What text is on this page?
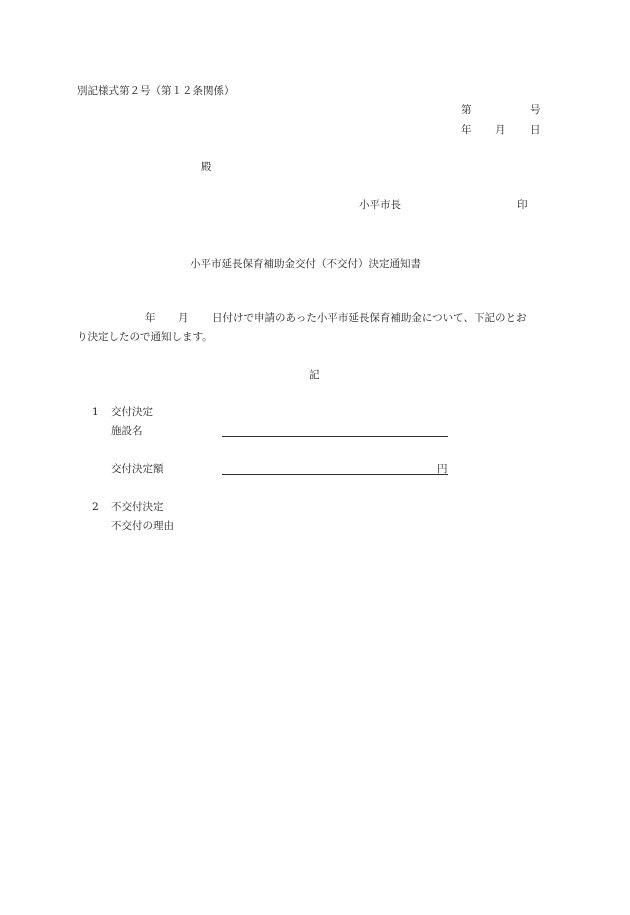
別記様式第２号（第１２条関係）
第	号
年 月 日
殿
小平市長	印
小平市延長保育補助金交付（不交付）決定通知書
年 月 日付けで申請のあった小平市延長保育補助金について、下記のとお
り決定したので通知します。
記
1 交付決定
施設名
交付決定額	円
2 不交付決定
不交付の理由
